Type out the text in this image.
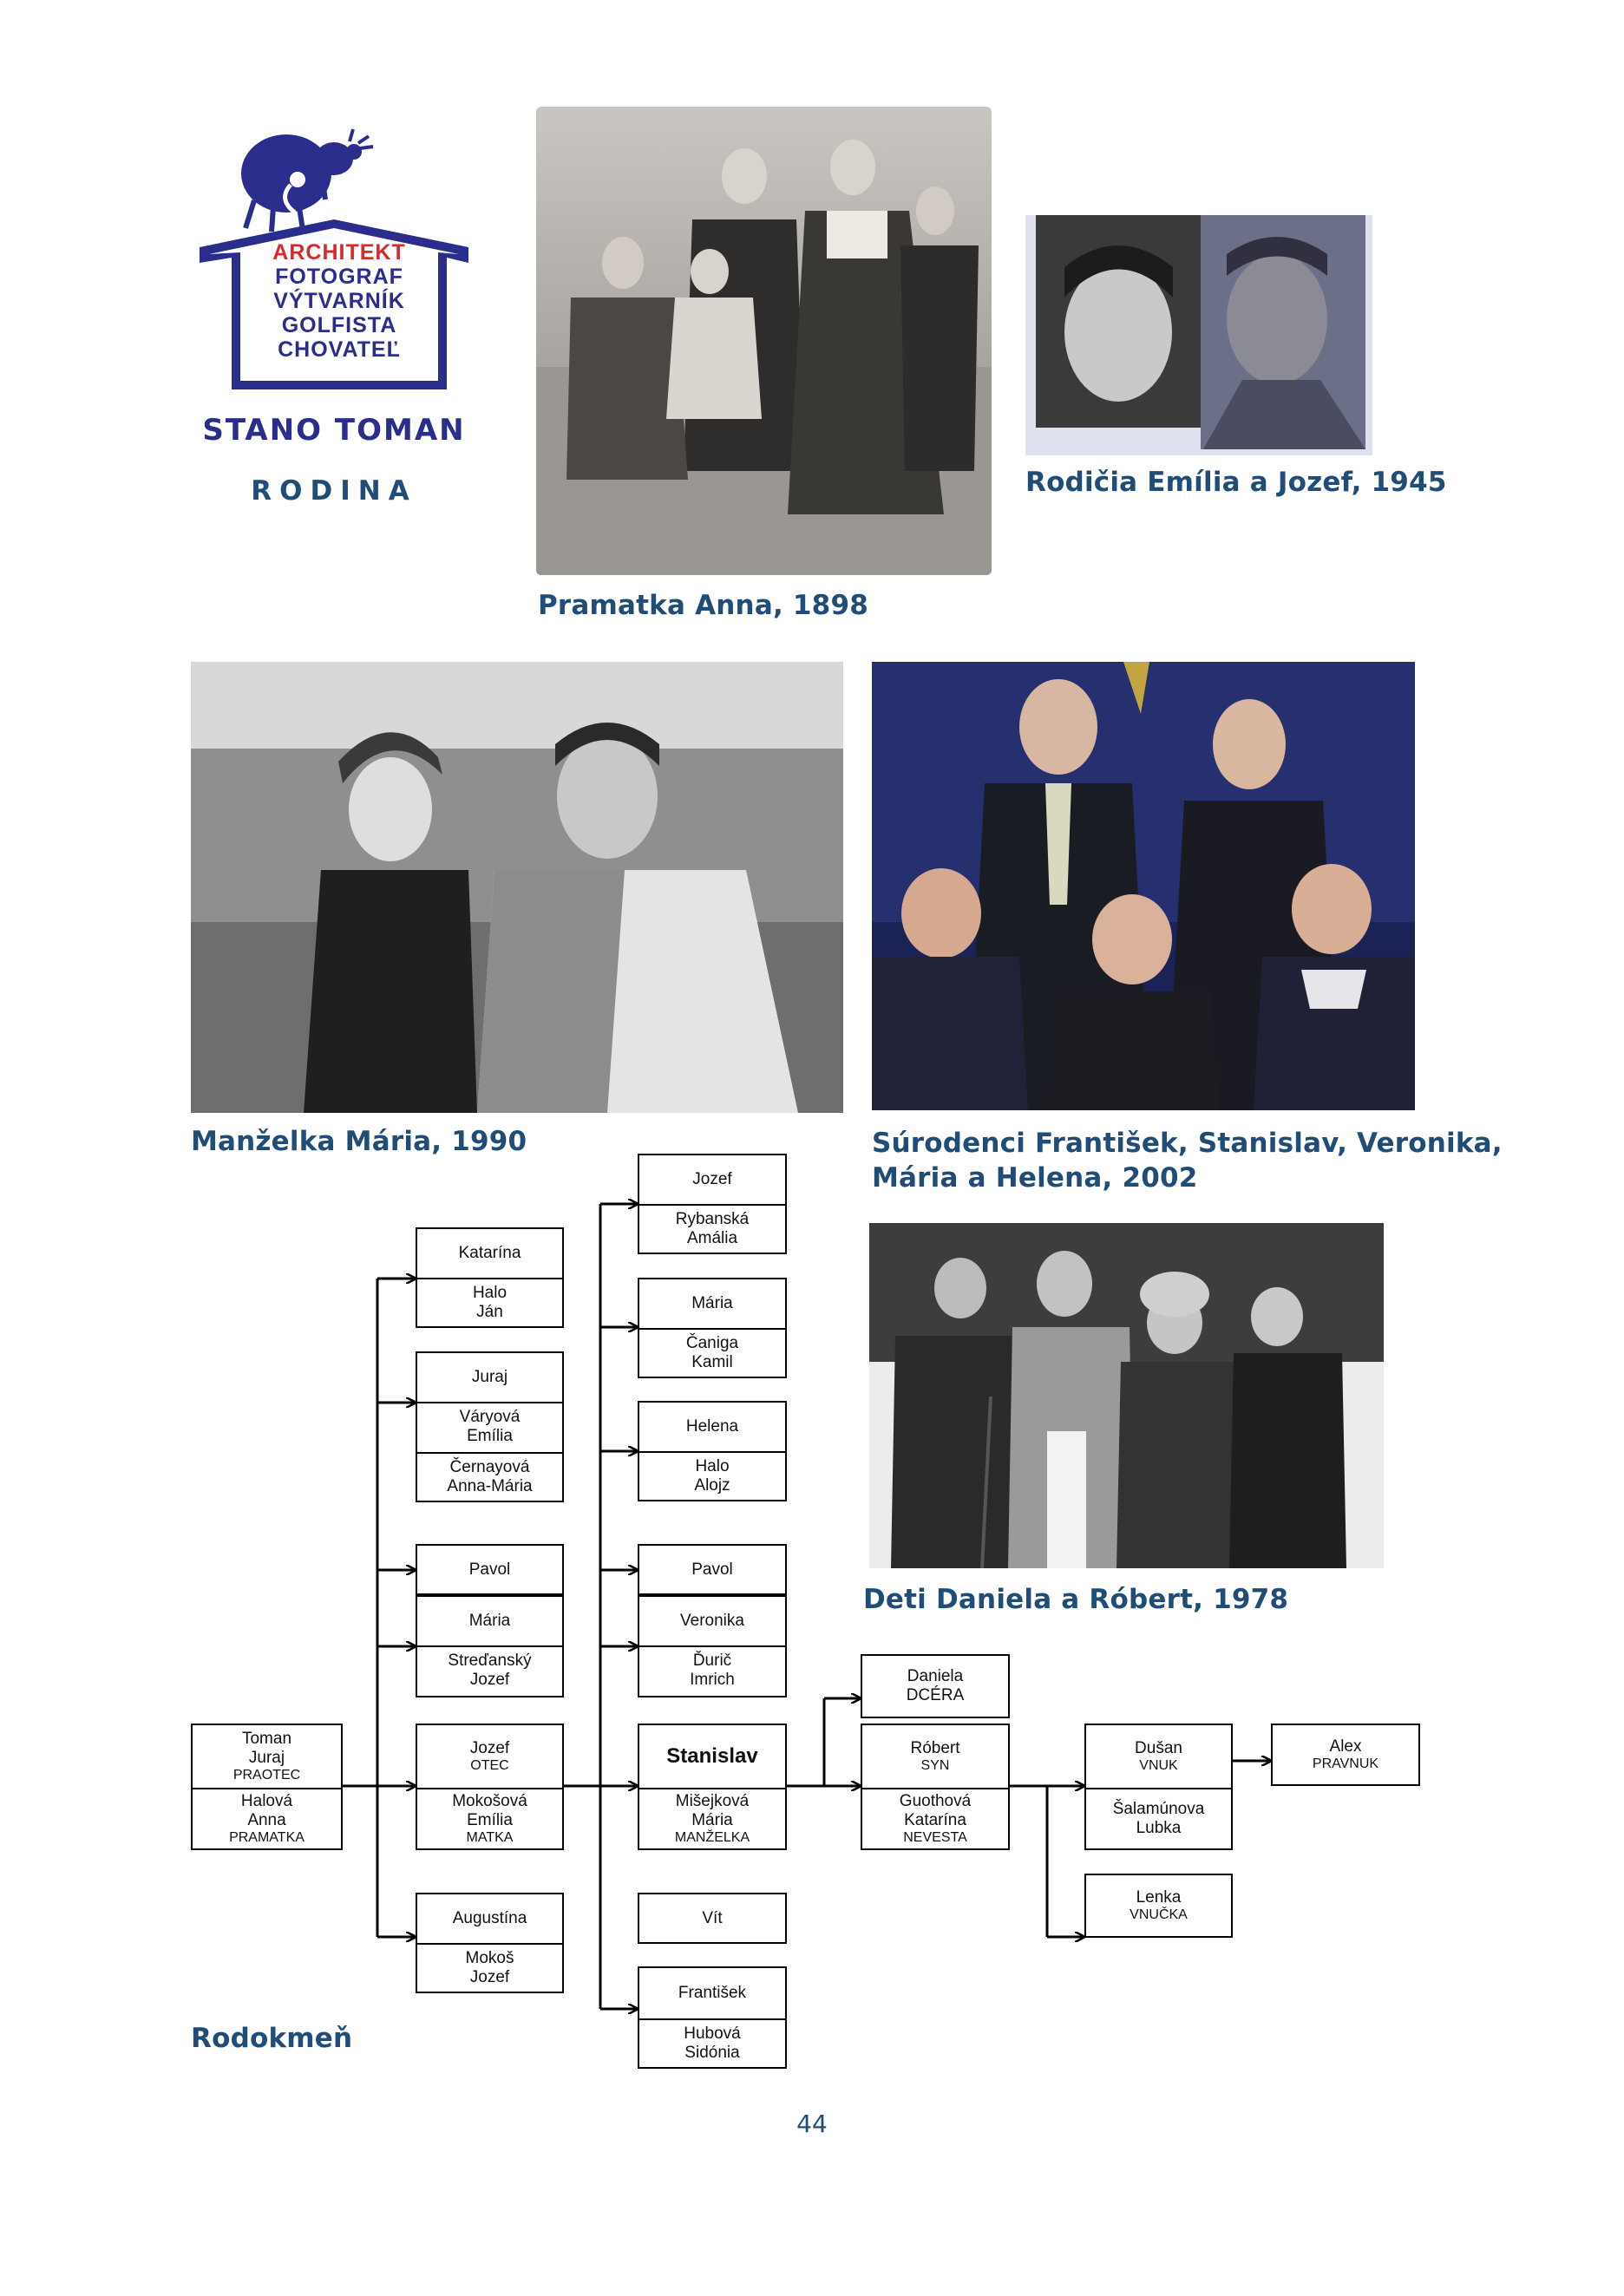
ARCHITEKT
FOTOGRAF
VÝTVARNÍK
GOLFISTA
CHOVATEĽ
STANO TOMAN
RODINA
Pramatka Anna, 1898
Rodičia Emília a Jozef, 1945
Manželka Mária, 1990	Súrodenci František, Stanislav, Veronika,
Mária a Helena, 2002
Deti Daniela a Róbert, 1978
Rodokmeň
Toman
Juraj
PRAOTEC
Halová
Anna
PRAMATKA
Katarína
Halo
Ján
Juraj
Váryová
Emília
Černayová
Anna-Mária
Pavol
Mária
Streďanský
Jozef
Jozef
OTEC
Mokošová
Emília
MATKA
Augustína
Mokoš
Jozef
Jozef
Rybanská
Amália
Mária
Čaniga
Kamil
Helena
Halo
Alojz
Pavol
Veronika
Ďurič
Imrich
Stanislav
Mišejková
Mária
MANŽELKA
Vít
František
Hubová
Sidónia
Daniela
DCÉRA
Róbert
SYN
Guothová
Katarína
NEVESTA
Dušan
VNUK
Šalamúnova
Lubka
Lenka
VNUČKA
Alex
PRAVNUK
44
